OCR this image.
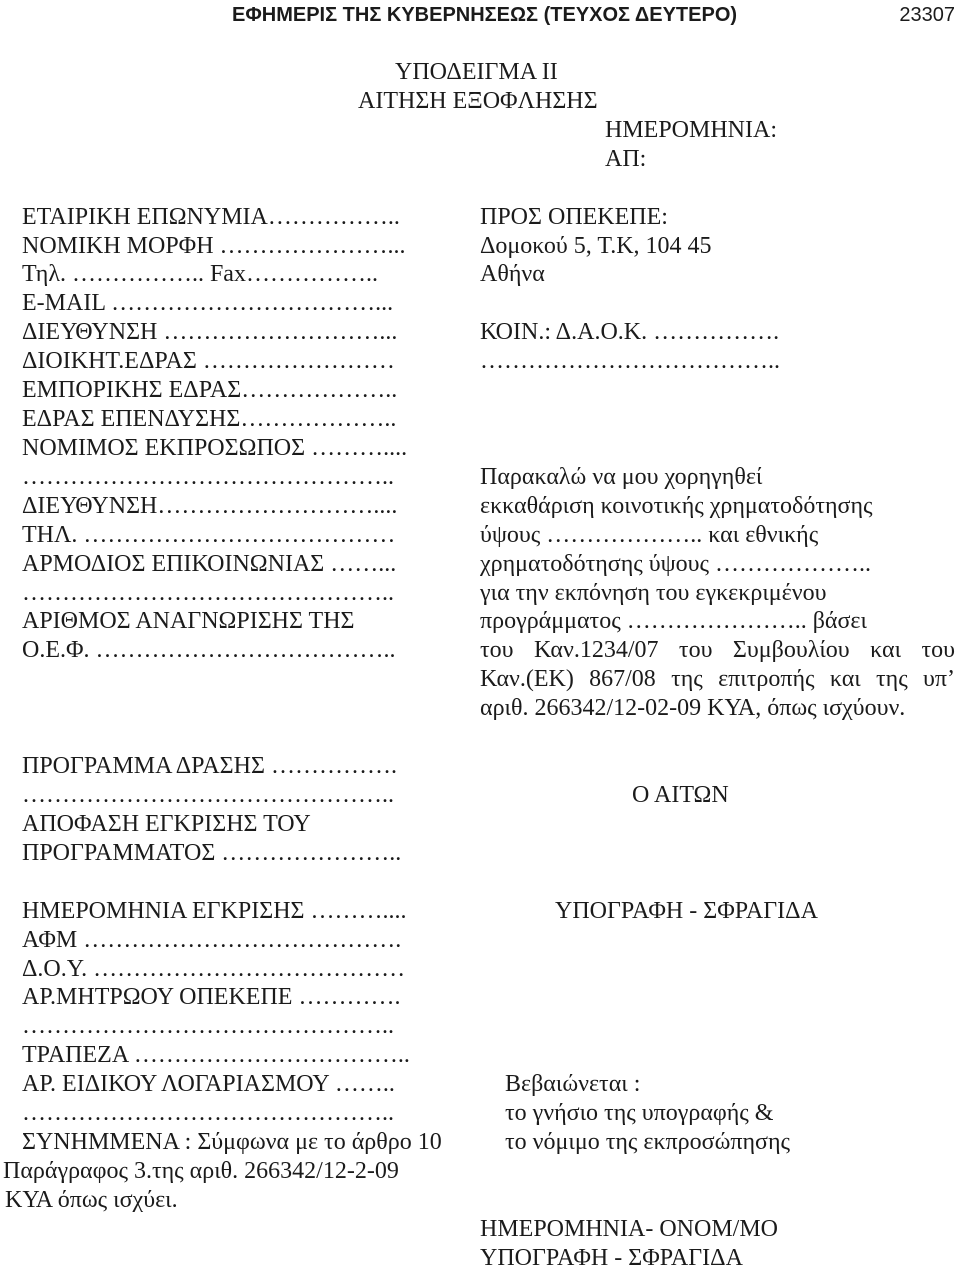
ΕΦΗΜΕΡΙΣ ΤΗΣ ΚΥΒΕΡΝΗΣΕΩΣ (ΤΕΥΧΟΣ ΔΕΥΤΕΡΟ)	23307
ΥΠΟΔΕΙΓΜΑ II
ΑΙΤΗΣΗ ΕΞΟΦΛΗΣΗΣ
ΗΜΕΡΟΜΗΝΙΑ:
ΑΠ:
ΕΤΑΙΡΙΚΗ ΕΠΩΝΥΜΙΑ……………..
ΝΟΜΙΚΗ ΜΟΡΦΗ …………………...
Τηλ. …………….. Fax……………..
E-MAIL ……………………………...
ΔΙΕΥΘΥΝΣΗ ………………………...
ΔΙΟΙΚΗΤ.ΕΔΡΑΣ ……………………
ΕΜΠΟΡΙΚΗΣ ΕΔΡΑΣ………………..
ΕΔΡΑΣ ΕΠΕΝΔΥΣΗΣ………………..
ΝΟΜΙΜΟΣ ΕΚΠΡΟΣΩΠΟΣ ………....
………………………………………..
ΔΙΕΥΘΥΝΣΗ………………………....
ΤΗΛ. …………………………………
ΑΡΜΟΔΙΟΣ ΕΠΙΚΟΙΝΩΝΙΑΣ ……...
………………………………………..
ΑΡΙΘΜΟΣ ΑΝΑΓΝΩΡΙΣΗΣ ΤΗΣ
Ο.Ε.Φ. ………………………………..
ΠΡΟΓΡΑΜΜΑ ΔΡΑΣΗΣ …………….
………………………………………..
ΑΠΟΦΑΣΗ ΕΓΚΡΙΣΗΣ ΤΟΥ
ΠΡΟΓΡΑΜΜΑΤΟΣ …………………..
ΗΜΕΡΟΜΗΝΙΑ ΕΓΚΡΙΣΗΣ ………....
ΑΦΜ ………………………………….
Δ.Ο.Υ. …………………………………
ΑΡ.ΜΗΤΡΩΟΥ ΟΠΕΚΕΠΕ ………….
………………………………………..
ΤΡΑΠΕΖΑ ……………………………..
ΑΡ. ΕΙΔΙΚΟΥ ΛΟΓΑΡΙΑΣΜΟΥ ……..
………………………………………..
ΣΥΝΗΜΜΕΝΑ : Σύμφωνα με το άρθρο 10
Παράγραφος 3.της αριθ. 266342/12-2-09
ΚΥΑ όπως ισχύει.
ΠΡΟΣ ΟΠΕΚΕΠΕ:
Δομοκού 5, Τ.Κ, 104 45
Αθήνα
ΚΟΙΝ.: Δ.Α.Ο.Κ. …………….
………………………………..
Παρακαλώ να μου χορηγηθεί
εκκαθάριση κοινοτικής χρηματοδότησης
ύψους ……………….. και εθνικής
χρηματοδότησης ύψους ………………..
για την εκπόνηση του εγκεκριμένου
προγράμματος ………………….. βάσει
του Καν.1234/07 του Συμβουλίου και του
Καν.(ΕΚ) 867/08 της επιτροπής και της υπ’
αριθ. 266342/12-02-09 ΚΥΑ, όπως ισχύουν.
Ο ΑΙΤΩΝ
ΥΠΟΓΡΑΦΗ - ΣΦΡΑΓΙΔΑ
Βεβαιώνεται :
το γνήσιο της υπογραφής &
το νόμιμο της εκπροσώπησης
ΗΜΕΡΟΜΗΝΙΑ- ΟΝΟΜ/ΜΟ
ΥΠΟΓΡΑΦΗ - ΣΦΡΑΓΙΔΑ
